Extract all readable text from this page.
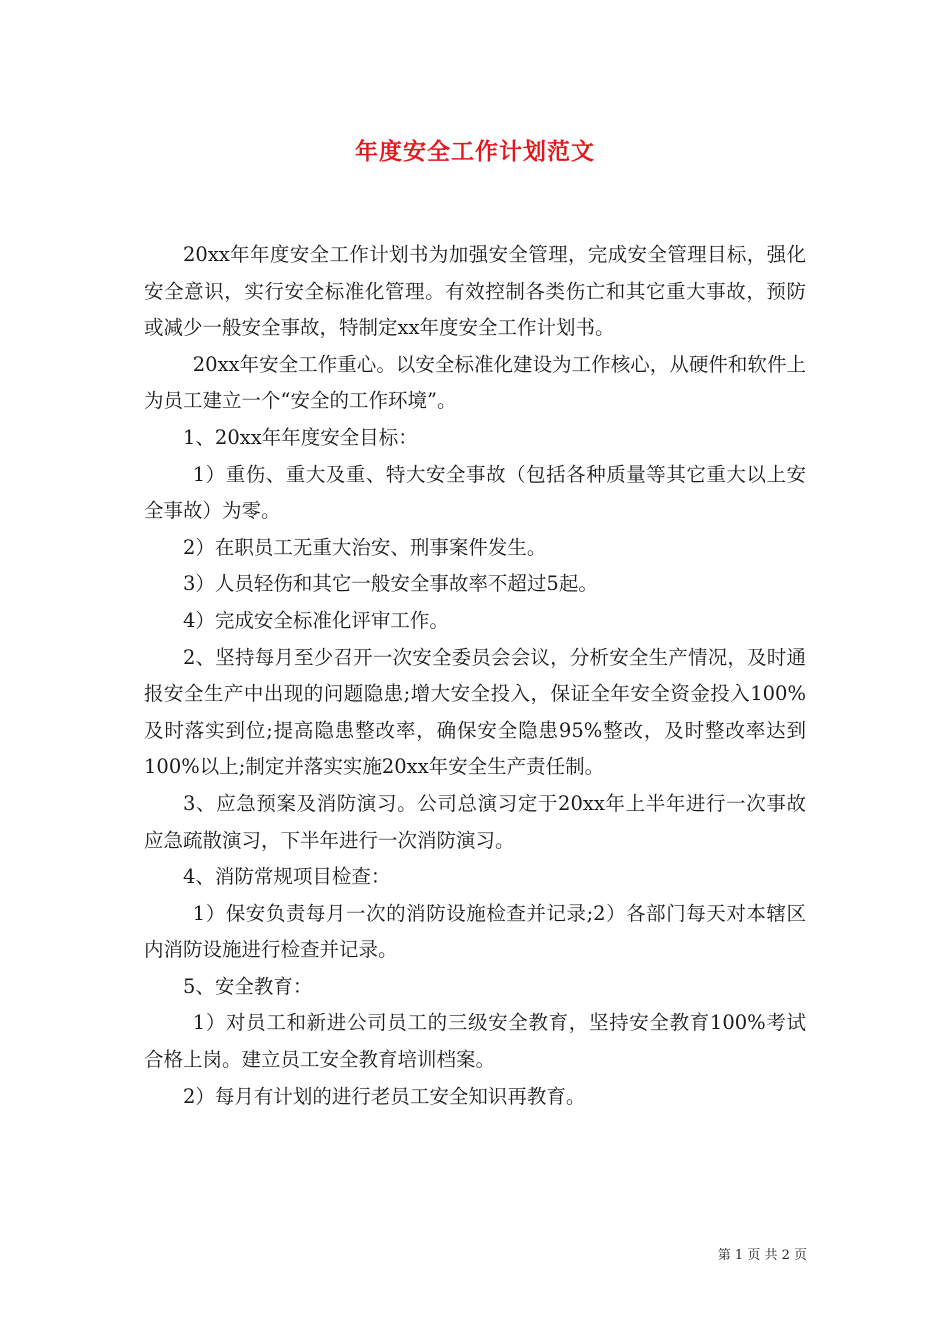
年度安全工作计划范文

20xx年年度安全工作计划书为加强安全管理，完成安全管理目标，强化安全意识，实行安全标准化管理。有效控制各类伤亡和其它重大事故，预防或减少一般安全事故，特制定xx年度安全工作计划书。

20xx年安全工作重心。以安全标准化建设为工作核心，从硬件和软件上为员工建立一个“安全的工作环境”。

1、20xx年年度安全目标：

1）重伤、重大及重、特大安全事故（包括各种质量等其它重大以上安全事故）为零。

2）在职员工无重大治安、刑事案件发生。

3）人员轻伤和其它一般安全事故率不超过5起。

4）完成安全标准化评审工作。

2、坚持每月至少召开一次安全委员会会议，分析安全生产情况，及时通报安全生产中出现的问题隐患;增大安全投入，保证全年安全资金投入100%及时落实到位;提高隐患整改率，确保安全隐患95%整改，及时整改率达到100%以上;制定并落实实施20xx年安全生产责任制。

3、应急预案及消防演习。公司总演习定于20xx年上半年进行一次事故应急疏散演习，下半年进行一次消防演习。

4、消防常规项目检查：

1）保安负责每月一次的消防设施检查并记录;2）各部门每天对本辖区内消防设施进行检查并记录。

5、安全教育：

1）对员工和新进公司员工的三级安全教育，坚持安全教育100%考试合格上岗。建立员工安全教育培训档案。

2）每月有计划的进行老员工安全知识再教育。

第 1 页 共 2 页
